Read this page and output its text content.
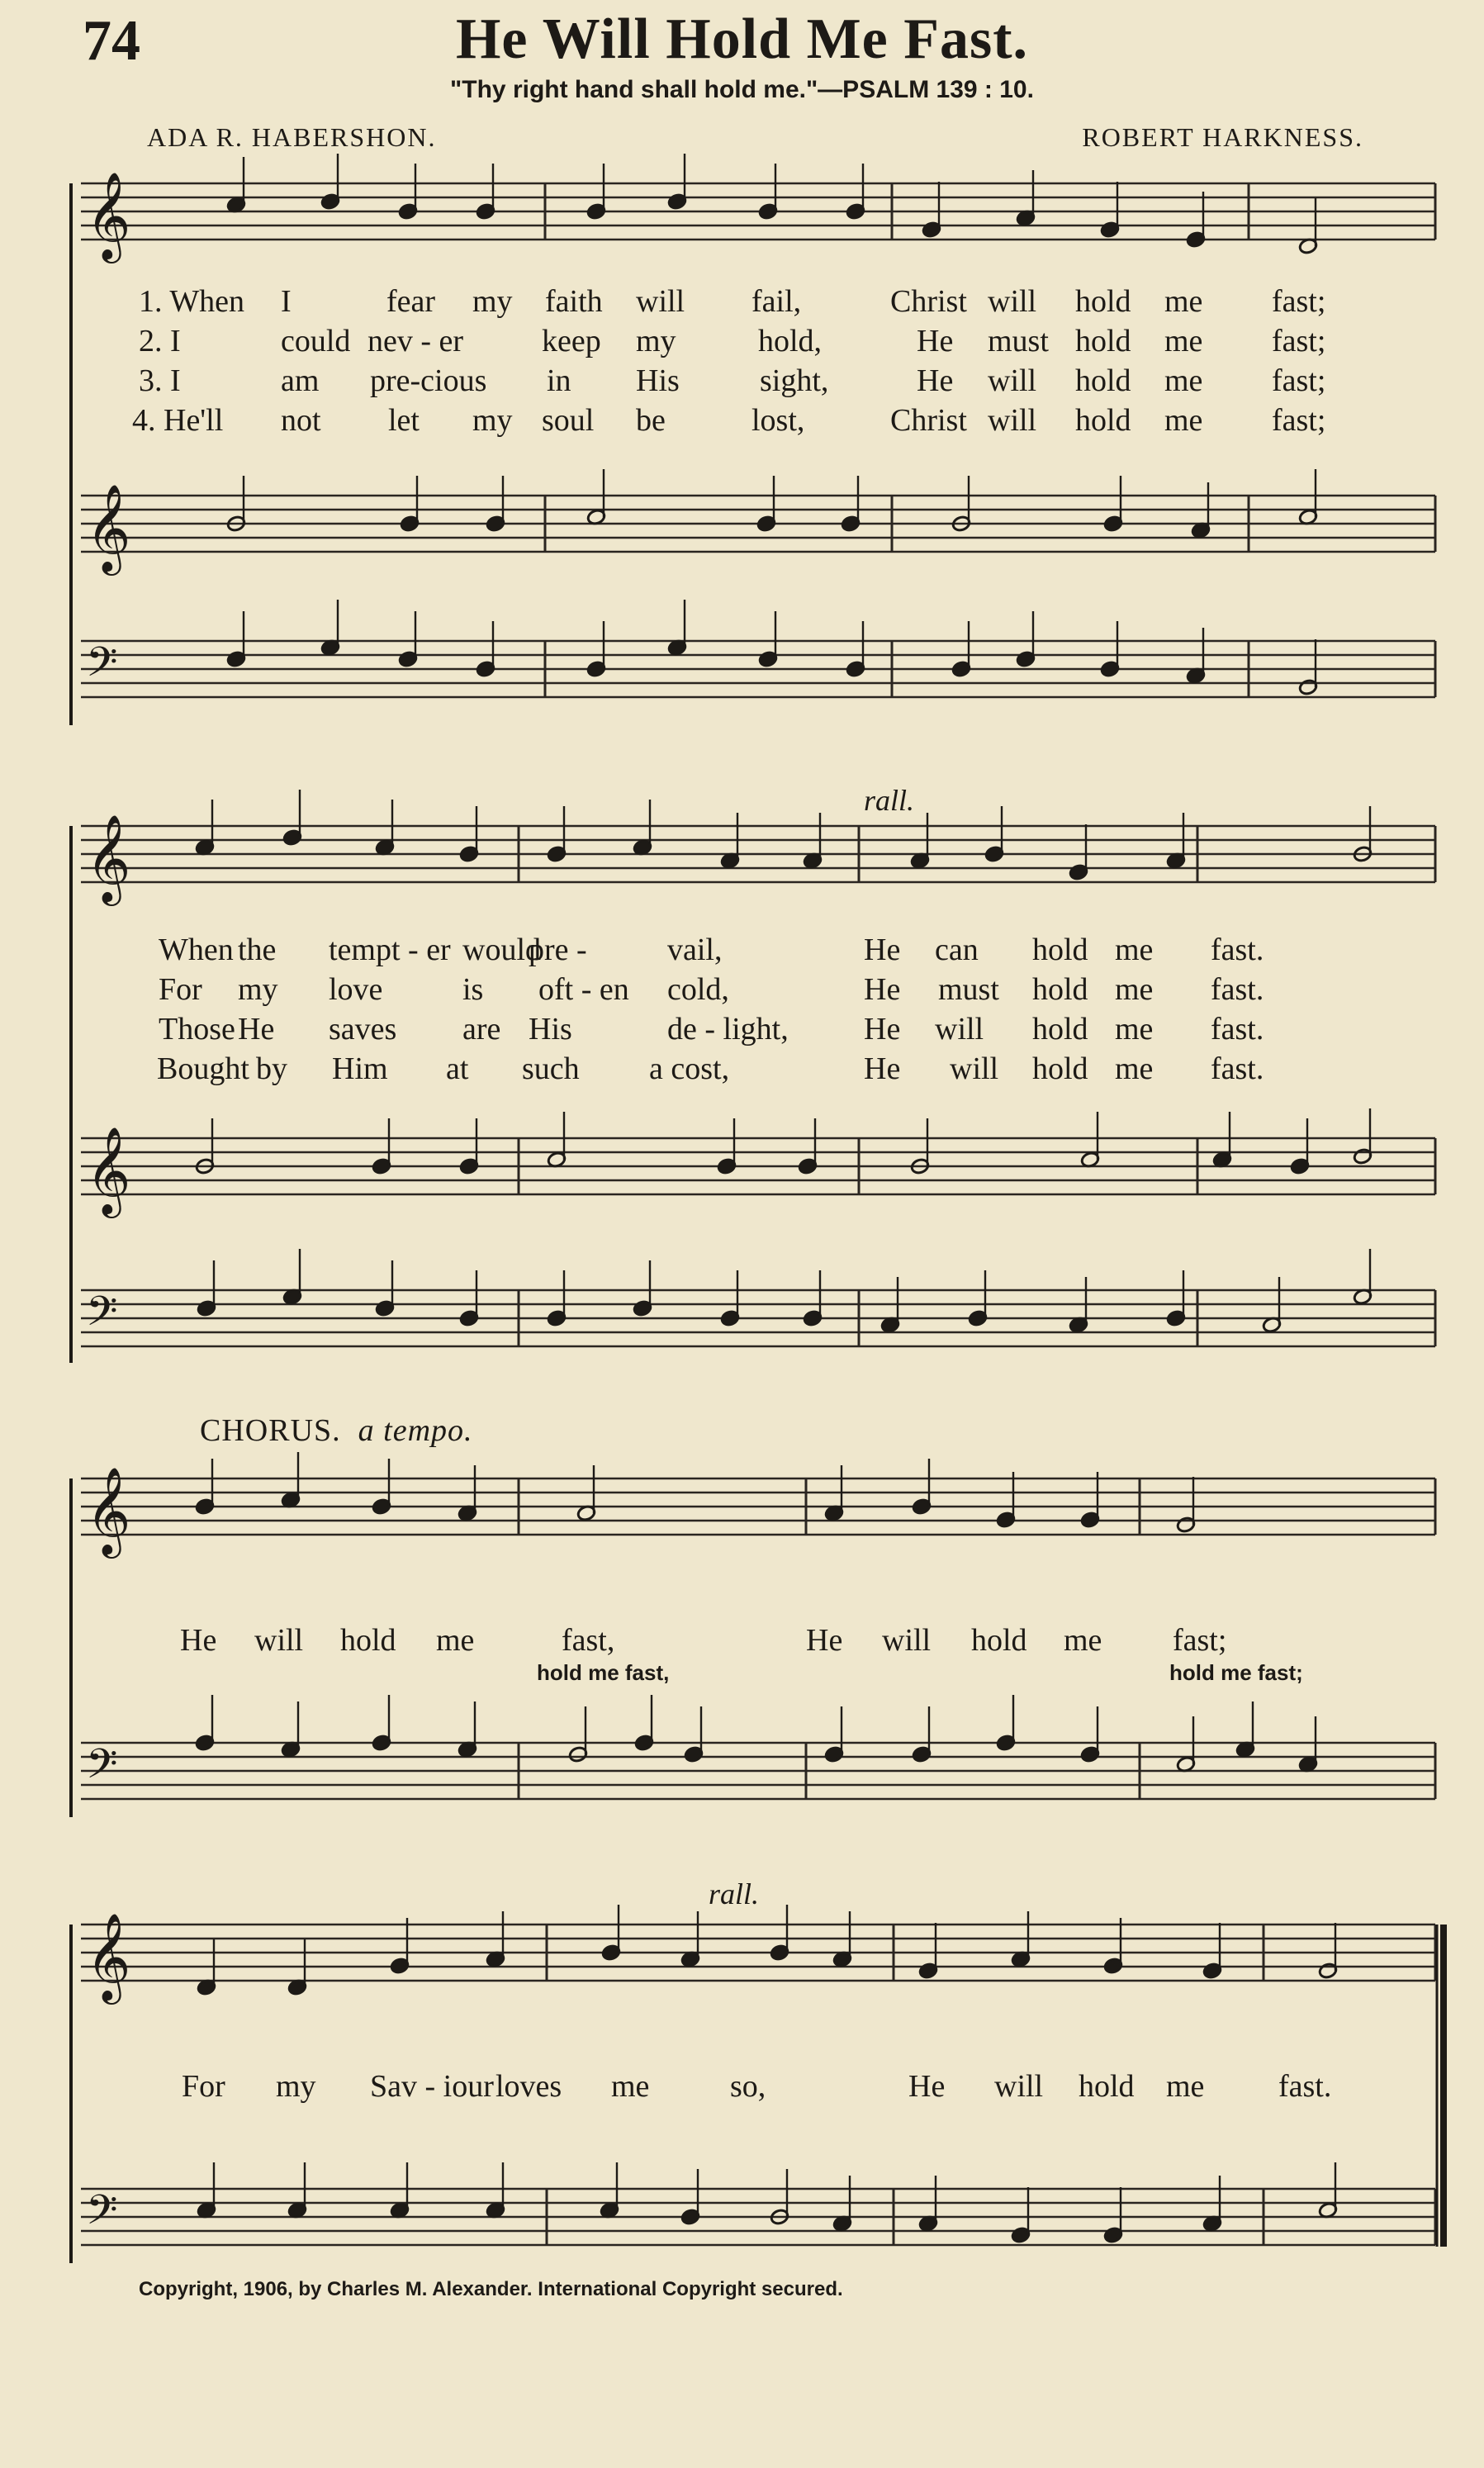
74	He Will Hold Me Fast.
"Thy right hand shall hold me."—PSALM 139 : 10.
ADA R. HABERSHON.	ROBERT HARKNESS.
𝄞
𝄞
𝄢
𝄞
𝄞
𝄢
𝄞
𝄢
𝄞
𝄢
1. When I	fear my faith will fail,	Christ will hold me fast;
2. I	could nev - er keep my	hold,	He must hold me fast;
3. I	am pre-cious in His	sight,	He will hold me fast;
4. He'll not let my soul be	lost,	Christ will hold me fast;
When the tempt - er would
pre -	vail,	He can hold me fast.
For my love	is oft - en cold,	He must hold me fast.
Those He saves are His	de - light, He will hold me fast.
Bought by Him at such a cost,	He will hold me fast.
rall.
CHORUS. a tempo.
He will hold me	fast,	He will hold me fast;
hold me fast,	hold me fast;
rall.
For my Sav - iour loves me	so,	He will hold me fast.
Copyright, 1906, by Charles M. Alexander. International Copyright secured.
